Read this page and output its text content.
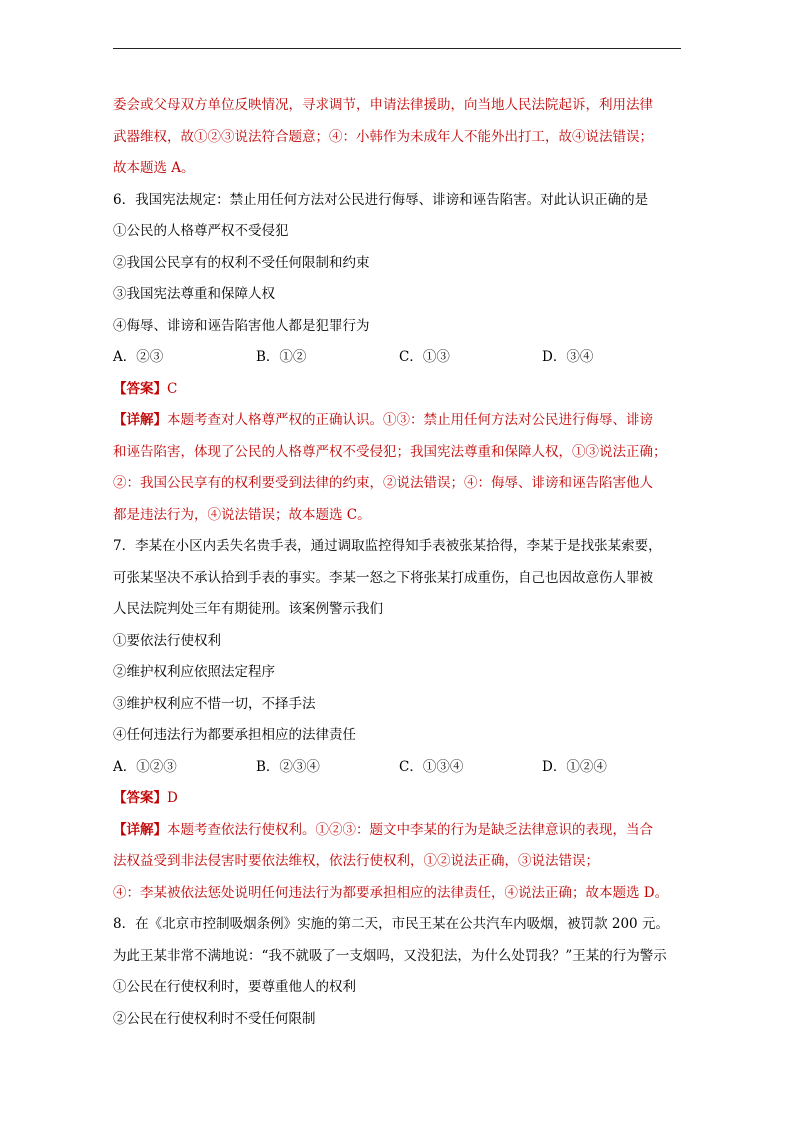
委会或父母双方单位反映情况，寻求调节，申请法律援助，向当地人民法院起诉，利用法律
武器维权，故①②③说法符合题意；④：小韩作为未成年人不能外出打工，故④说法错误；
故本题选 A。
6．我国宪法规定：禁止用任何方法对公民进行侮辱、诽谤和诬告陷害。对此认识正确的是
①公民的人格尊严权不受侵犯
②我国公民享有的权利不受任何限制和约束
③我国宪法尊重和保障人权
④侮辱、诽谤和诬告陷害他人都是犯罪行为
A．②③	B．①②	C．①③	D．③④
【答案】C
【详解】本题考查对人格尊严权的正确认识。①③：禁止用任何方法对公民进行侮辱、诽谤
和诬告陷害，体现了公民的人格尊严权不受侵犯；我国宪法尊重和保障人权，①③说法正确；
②：我国公民享有的权利要受到法律的约束，②说法错误；④：侮辱、诽谤和诬告陷害他人
都是违法行为，④说法错误；故本题选 C。
7．李某在小区内丢失名贵手表，通过调取监控得知手表被张某拾得，李某于是找张某索要，
可张某坚决不承认拾到手表的事实。李某一怒之下将张某打成重伤，自己也因故意伤人罪被
人民法院判处三年有期徒刑。该案例警示我们
①要依法行使权利
②维护权利应依照法定程序
③维护权利应不惜一切，不择手法
④任何违法行为都要承担相应的法律责任
A．①②③	B．②③④	C．①③④	D．①②④
【答案】D
【详解】本题考查依法行使权利。①②③：题文中李某的行为是缺乏法律意识的表现，当合
法权益受到非法侵害时要依法维权，依法行使权利，①②说法正确，③说法错误；
④：李某被依法惩处说明任何违法行为都要承担相应的法律责任，④说法正确；故本题选 D。
8．在《北京市控制吸烟条例》实施的第二天，市民王某在公共汽车内吸烟，被罚款 200 元。
为此王某非常不满地说：“我不就吸了一支烟吗，又没犯法，为什么处罚我？”王某的行为警示
①公民在行使权利时，要尊重他人的权利
②公民在行使权利时不受任何限制
